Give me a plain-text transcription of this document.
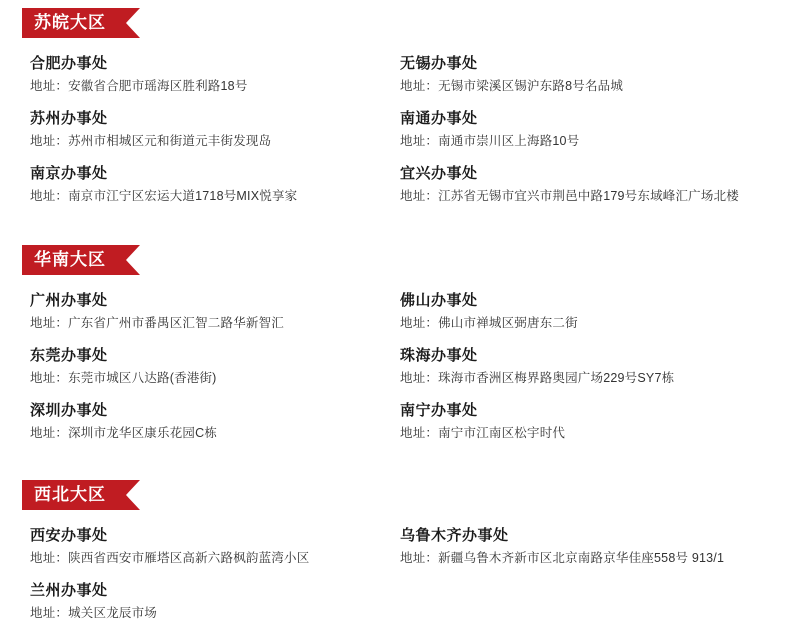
苏皖大区
合肥办事处
地址：安徽省合肥市瑶海区胜利路18号
无锡办事处
地址：无锡市梁溪区锡沪东路8号名品城
苏州办事处
地址：苏州市相城区元和街道元丰街发现岛
南通办事处
地址：南通市崇川区上海路10号
南京办事处
地址：南京市江宁区宏运大道1718号MIX悦享家
宜兴办事处
地址：江苏省无锡市宜兴市荆邑中路179号东域峰汇广场北楼
华南大区
广州办事处
地址：广东省广州市番禺区汇智二路华新智汇
佛山办事处
地址：佛山市禅城区弼唐东二街
东莞办事处
地址：东莞市城区八达路(香港街)
珠海办事处
地址：珠海市香洲区梅界路奥园广场229号SY7栋
深圳办事处
地址：深圳市龙华区康乐花园C栋
南宁办事处
地址：南宁市江南区松宇时代
西北大区
西安办事处
地址：陕西省西安市雁塔区高新六路枫韵蓝湾小区
乌鲁木齐办事处
地址：新疆乌鲁木齐新市区北京南路京华佳座558号 913/1
兰州办事处
地址：城关区龙辰市场
